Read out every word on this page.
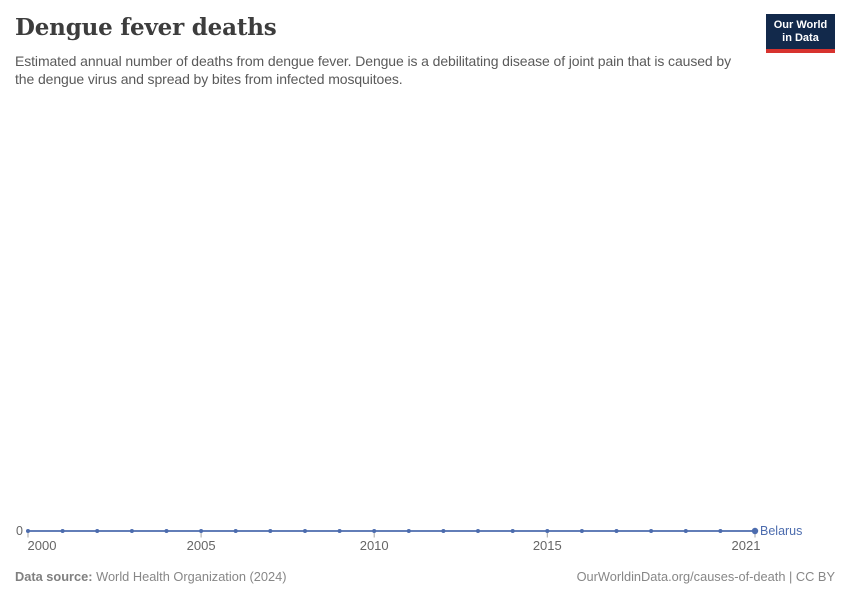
Dengue fever deaths

Estimated annual number of deaths from dengue fever. Dengue is a debilitating disease of joint pain that is caused by the dengue virus and spread by bites from infected mosquitoes.

Our World
in Data
0
2000	2005	2010	2015	2021
Belarus
Data source: World Health Organization (2024)	OurWorldinData.org/causes-of-death | CC BY
